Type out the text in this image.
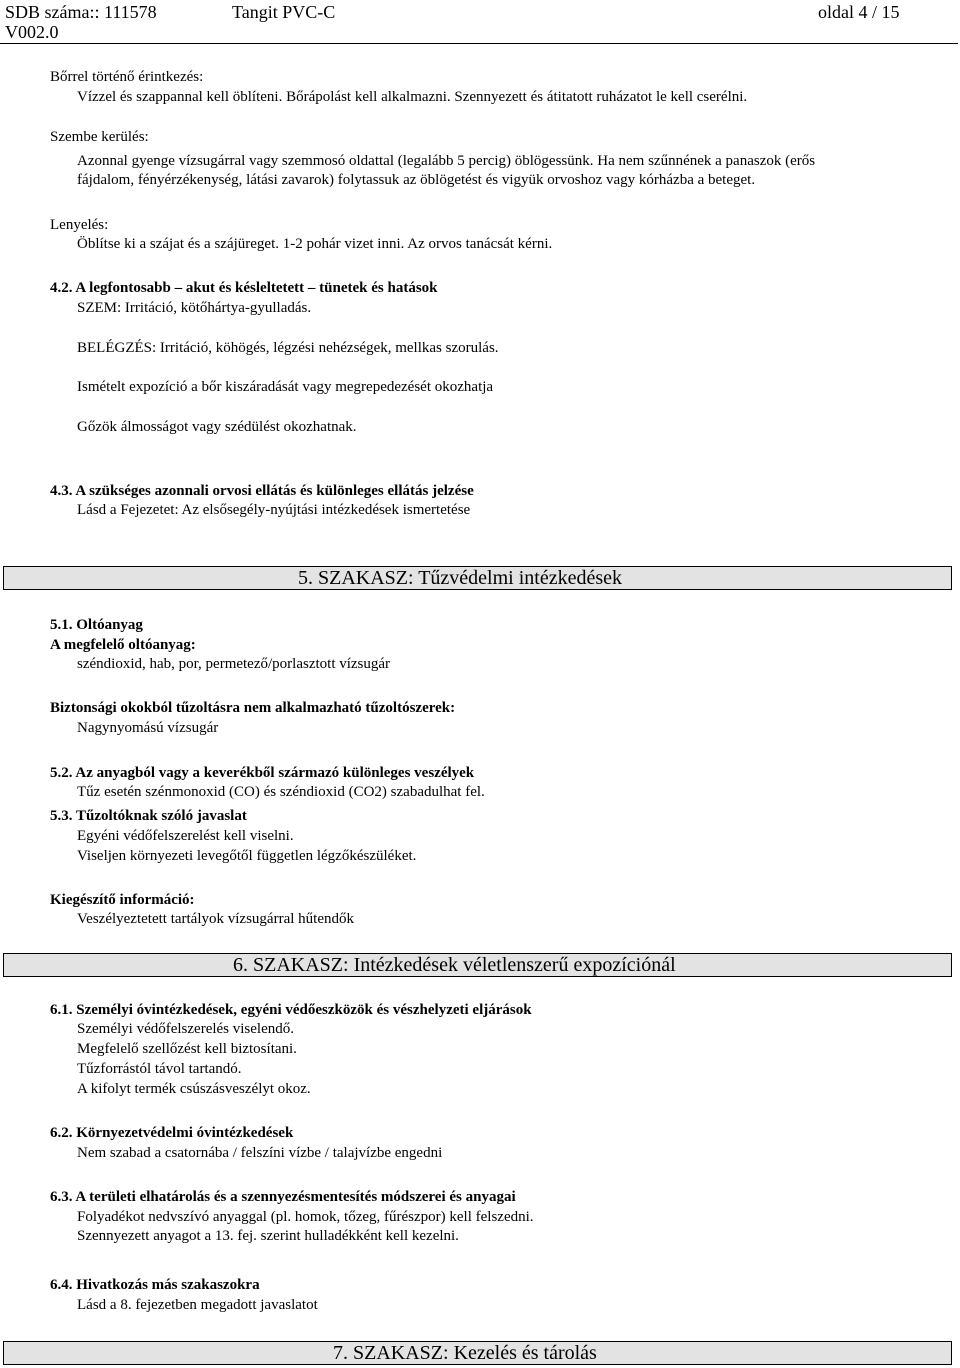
SDB száma:: 111578
V002.0
Tangit PVC-C	oldal 4 / 15
Bőrrel történő érintkezés:
Vízzel és szappannal kell öblíteni. Bőrápolást kell alkalmazni. Szennyezett és átitatott ruházatot le kell cserélni.
Szembe kerülés:
Azonnal gyenge vízsugárral vagy szemmosó oldattal (legalább 5 percig) öblögessünk. Ha nem szűnnének a panaszok (erős
fájdalom, fényérzékenység, látási zavarok) folytassuk az öblögetést és vigyük orvoshoz vagy kórházba a beteget.
Lenyelés:
Öblítse ki a szájat és a szájüreget. 1-2 pohár vizet inni. Az orvos tanácsát kérni.
4.2. A legfontosabb – akut és késleltetett – tünetek és hatások
SZEM: Irritáció, kötőhártya-gyulladás.
BELÉGZÉS: Irritáció, köhögés, légzési nehézségek, mellkas szorulás.
Ismételt expozíció a bőr kiszáradását vagy megrepedezését okozhatja
Gőzök álmosságot vagy szédülést okozhatnak.
4.3. A szükséges azonnali orvosi ellátás és különleges ellátás jelzése
Lásd a Fejezetet: Az elsősegély-nyújtási intézkedések ismertetése
5. SZAKASZ: Tűzvédelmi intézkedések
5.1. Oltóanyag
A megfelelő oltóanyag:
széndioxid, hab, por, permetező/porlasztott vízsugár
Biztonsági okokból tűzoltásra nem alkalmazható tűzoltószerek:
Nagynyomású vízsugár
5.2. Az anyagból vagy a keverékből származó különleges veszélyek
Tűz esetén szénmonoxid (CO) és széndioxid (CO2) szabadulhat fel.
5.3. Tűzoltóknak szóló javaslat
Egyéni védőfelszerelést kell viselni.
Viseljen környezeti levegőtől független légzőkészüléket.
Kiegészítő információ:
Veszélyeztetett tartályok vízsugárral hűtendők
6. SZAKASZ: Intézkedések véletlenszerű expozíciónál
6.1. Személyi óvintézkedések, egyéni védőeszközök és vészhelyzeti eljárások
Személyi védőfelszerelés viselendő.
Megfelelő szellőzést kell biztosítani.
Tűzforrástól távol tartandó.
A kifolyt termék csúszásveszélyt okoz.
6.2. Környezetvédelmi óvintézkedések
Nem szabad a csatornába / felszíni vízbe / talajvízbe engedni
6.3. A területi elhatárolás és a szennyezésmentesítés módszerei és anyagai
Folyadékot nedvszívó anyaggal (pl. homok, tőzeg, fűrészpor) kell felszedni.
Szennyezett anyagot a 13. fej. szerint hulladékként kell kezelni.
6.4. Hivatkozás más szakaszokra
Lásd a 8. fejezetben megadott javaslatot
7. SZAKASZ: Kezelés és tárolás
